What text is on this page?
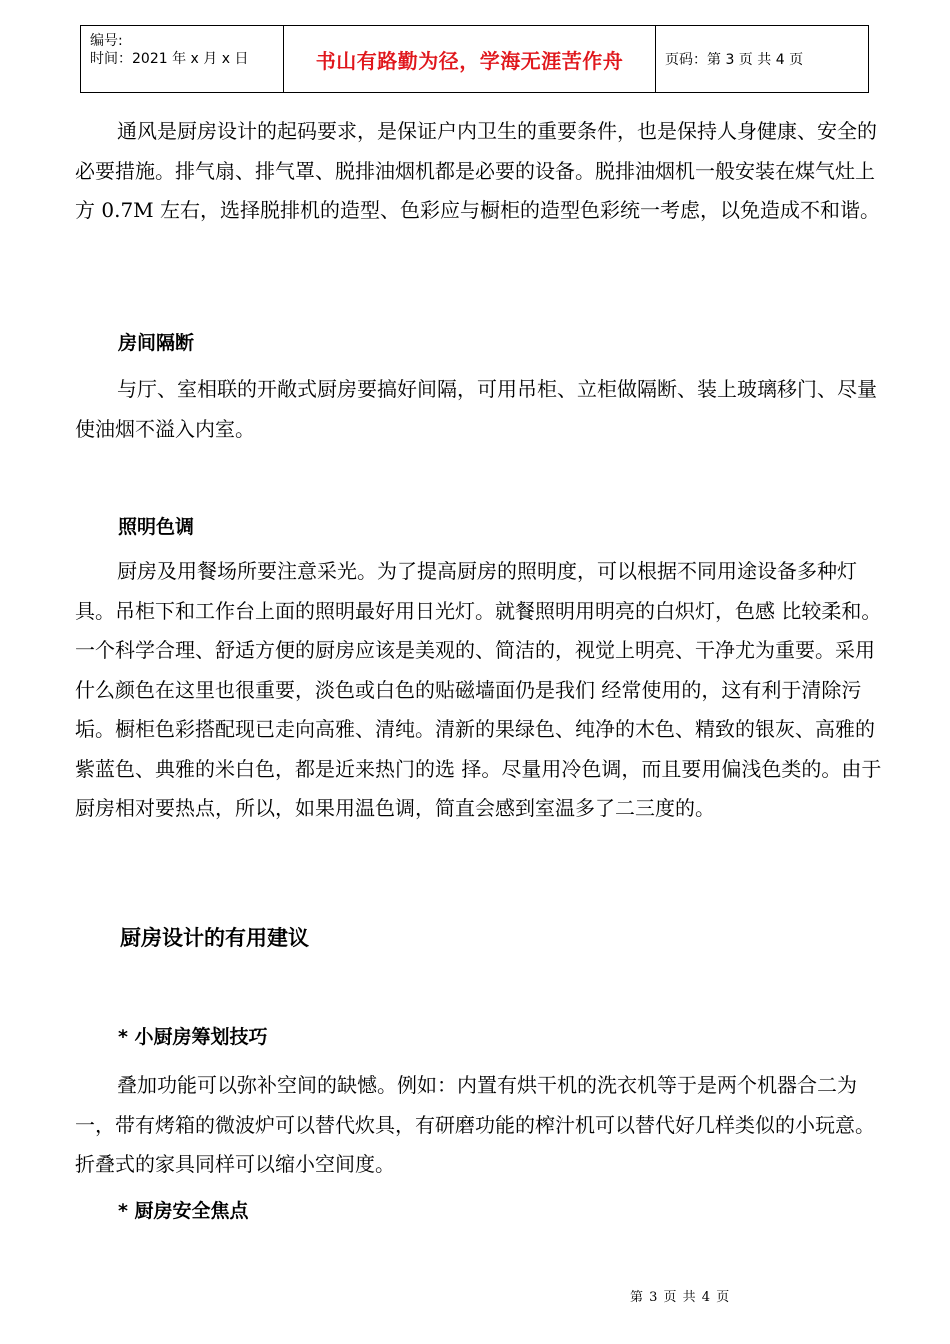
编号:
时间：2021 年 x 月 x 日	书山有路勤为径，学海无涯苦作舟	页码：第 3 页 共 4 页

通风是厨房设计的起码要求，是保证户内卫生的重要条件，也是保持人身健康、安全的必要措施。排气扇、排气罩、脱排油烟机都是必要的设备。脱排油烟机一般安装在煤气灶上方 0.7M 左右，选择脱排机的造型、色彩应与橱柜的造型色彩统一考虑，以免造成不和谐。

房间隔断

与厅、室相联的开敞式厨房要搞好间隔，可用吊柜、立柜做隔断、装上玻璃移门、尽量使油烟不溢入内室。

照明色调

厨房及用餐场所要注意采光。为了提高厨房的照明度，可以根据不同用途设备多种灯具。吊柜下和工作台上面的照明最好用日光灯。就餐照明用明亮的白炽灯，色感 比较柔和。 一个科学合理、舒适方便的厨房应该是美观的、简洁的，视觉上明亮、干净尤为重要。采用什么颜色在这里也很重要，淡色或白色的贴磁墙面仍是我们 经常使用的，这有利于清除污垢。橱柜色彩搭配现已走向高雅、清纯。清新的果绿色、纯净的木色、精致的银灰、高雅的紫蓝色、典雅的米白色，都是近来热门的选 择。尽量用冷色调，而且要用偏浅色类的。由于厨房相对要热点，所以，如果用温色调，简直会感到室温多了二三度的。

厨房设计的有用建议

* 小厨房筹划技巧

叠加功能可以弥补空间的缺憾。例如：内置有烘干机的洗衣机等于是两个机器合二为一，带有烤箱的微波炉可以替代炊具，有研磨功能的榨汁机可以替代好几样类似的小玩意。折叠式的家具同样可以缩小空间度。

* 厨房安全焦点

第 3 页 共 4 页
